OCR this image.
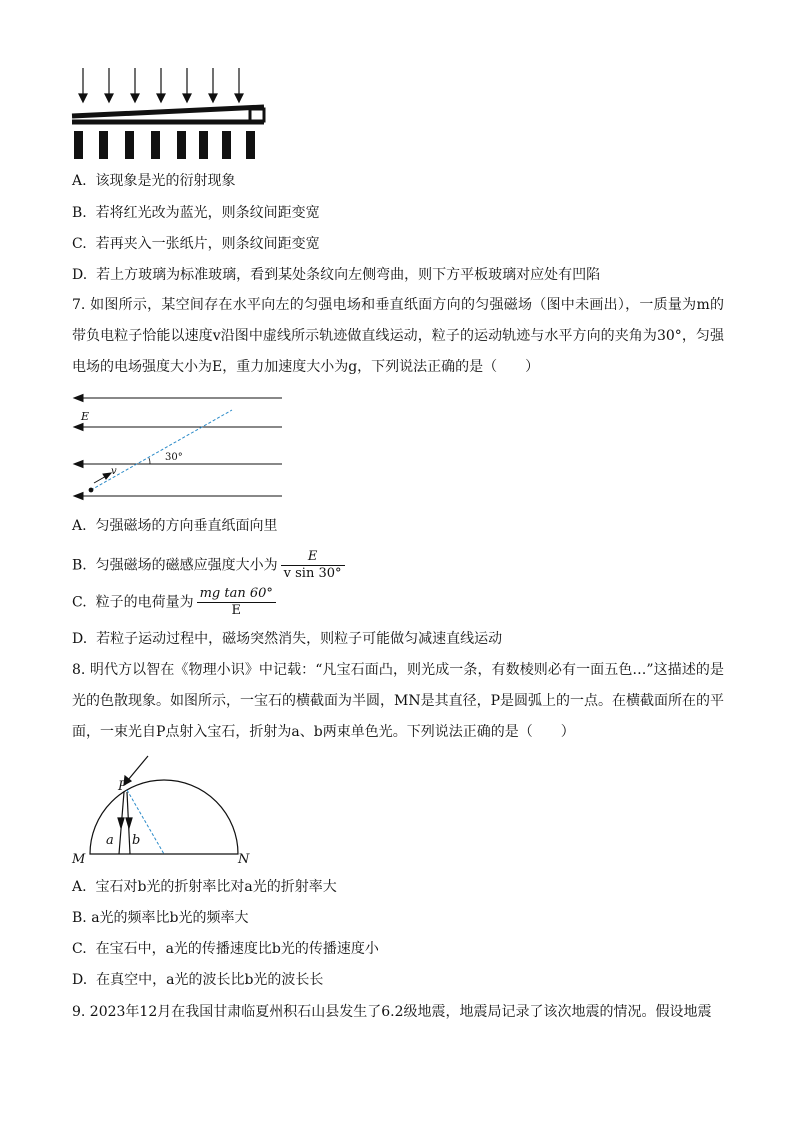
A. 该现象是光的衍射现象
B. 若将红光改为蓝光，则条纹间距变宽
C. 若再夹入一张纸片，则条纹间距变宽
D. 若上方玻璃为标准玻璃，看到某处条纹向左侧弯曲，则下方平板玻璃对应处有凹陷
7. 如图所示，某空间存在水平向左的匀强电场和垂直纸面方向的匀强磁场（图中未画出），一质量为m的带负电粒子恰能以速度v沿图中虚线所示轨迹做直线运动，粒子的运动轨迹与水平方向的夹角为30°，匀强电场的电场强度大小为E，重力加速度大小为g，下列说法正确的是（　　）
E
v
30°
A. 匀强磁场的方向垂直纸面向里
B. 匀强磁场的磁感应强度大小为 $\frac{E}{\text{v sin 30°}}$
C. 粒子的电荷量为 $\frac{\text{mg tan 60°}}{E}$
D. 若粒子运动过程中，磁场突然消失，则粒子可能做匀减速直线运动
8. 明代方以智在《物理小识》中记载：“凡宝石面凸，则光成一条，有数棱则必有一面五色…”这描述的是光的色散现象。如图所示，一宝石的横截面为半圆，MN是其直径，P是圆弧上的一点。在横截面所在的平面，一束光自P点射入宝石，折射为a、b两束单色光。下列说法正确的是（　　）
P
a b
M	N
A. 宝石对b光的折射率比对a光的折射率大
B. a光的频率比b光的频率大
C. 在宝石中，a光的传播速度比b光的传播速度小
D. 在真空中，a光的波长比b光的波长长
9. 2023年12月在我国甘肃临夏州积石山县发生了6.2级地震，地震局记录了该次地震的情况。假设地震
